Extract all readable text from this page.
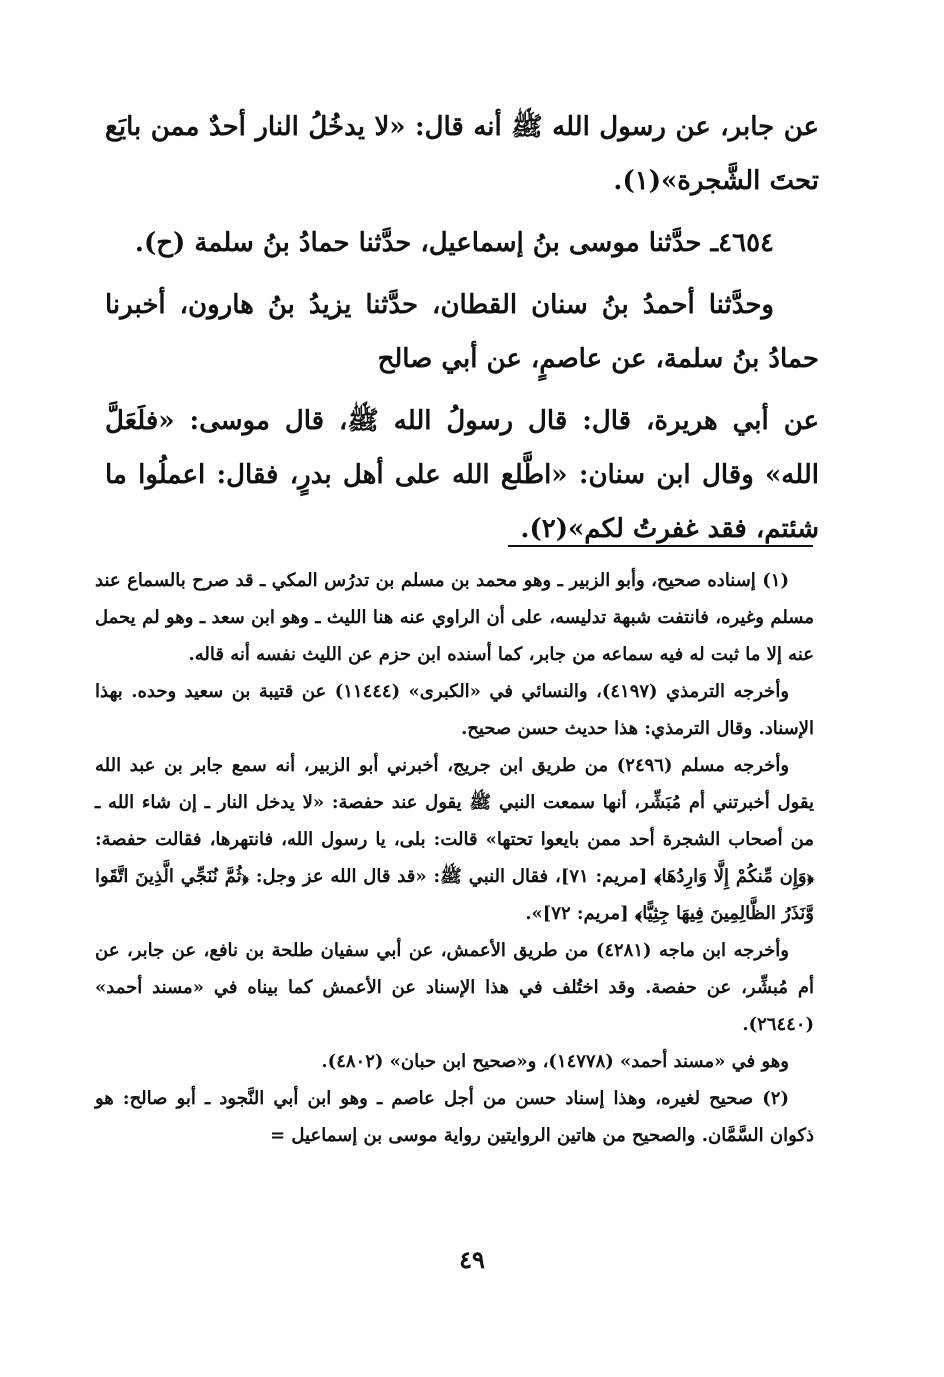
عن جابر، عن رسول الله ﷺ أنه قال: «لا يدخُلُ النار أحدٌ ممن بايَع تحتَ الشَّجرة»(١).

٤٦٥٤ـ حدَّثنا موسى بنُ إسماعيل، حدَّثنا حمادُ بنُ سلمة (ح).

وحدَّثنا أحمدُ بنُ سنان القطان، حدَّثنا يزيدُ بنُ هارون، أخبرنا حمادُ بنُ سلمة، عن عاصمٍ، عن أبي صالح

عن أبي هريرة، قال: قال رسولُ الله ﷺ، قال موسى: «فلَعَلَّ الله» وقال ابن سنان: «اطَّلع الله على أهل بدرٍ، فقال: اعملُوا ما شئتم، فقد غفرتُ لكم»(٢).

(١) إسناده صحيح، وأبو الزبير ـ وهو محمد بن مسلم بن تدرُس المكي ـ قد صرح بالسماع عند مسلم وغيره، فانتفت شبهة تدليسه، على أن الراوي عنه هنا الليث ـ وهو ابن سعد ـ وهو لم يحمل عنه إلا ما ثبت له فيه سماعه من جابر، كما أسنده ابن حزم عن الليث نفسه أنه قاله.

وأخرجه الترمذي (٤١٩٧)، والنسائي في «الكبرى» (١١٤٤٤) عن قتيبة بن سعيد وحده. بهذا الإسناد. وقال الترمذي: هذا حديث حسن صحيح.

وأخرجه مسلم (٢٤٩٦) من طريق ابن جريج، أخبرني أبو الزبير، أنه سمع جابر بن عبد الله يقول أخبرتني أم مُبَشِّر، أنها سمعت النبي ﷺ يقول عند حفصة: «لا يدخل النار ـ إن شاء الله ـ من أصحاب الشجرة أحد ممن بايعوا تحتها» قالت: بلى، يا رسول الله، فانتهرها، فقالت حفصة: ﴿وَإِن مِّنكُمْ إِلَّا وَارِدُهَا﴾ [مريم: ٧١]، فقال النبي ﷺ: «قد قال الله عز وجل: ﴿ثُمَّ نُنَجِّي الَّذِينَ اتَّقَوا وَّنَذَرُ الظَّالِمِينَ فِيهَا جِثِيًّا﴾ [مريم: ٧٢]».

وأخرجه ابن ماجه (٤٢٨١) من طريق الأعمش، عن أبي سفيان طلحة بن نافع، عن جابر، عن أم مُبشِّر، عن حفصة. وقد اختُلف في هذا الإسناد عن الأعمش كما بيناه في «مسند أحمد» (٢٦٤٤٠).

وهو في «مسند أحمد» (١٤٧٧٨)، و«صحيح ابن حبان» (٤٨٠٢).

(٢) صحيح لغيره، وهذا إسناد حسن من أجل عاصم ـ وهو ابن أبي النَّجود ـ أبو صالح: هو ذكوان السَّمَّان. والصحيح من هاتين الروايتين رواية موسى بن إسماعيل =

٤٩
